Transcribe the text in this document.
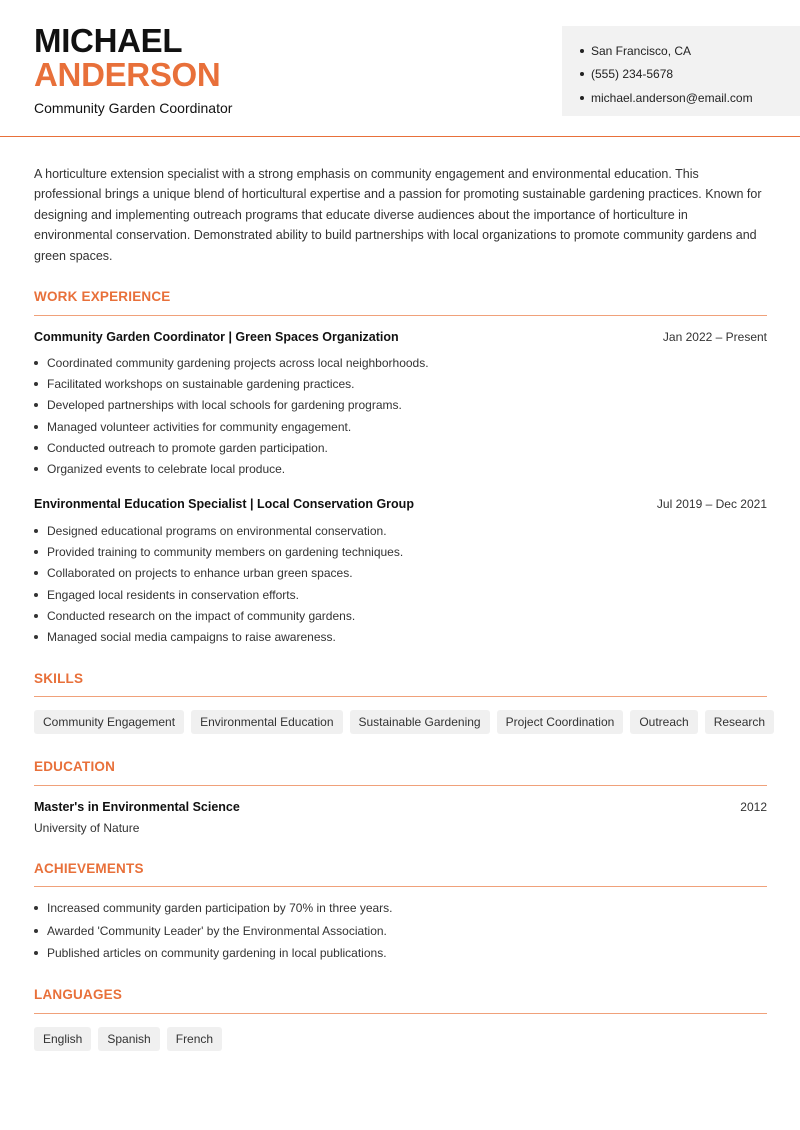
MICHAEL
ANDERSON
Community Garden Coordinator
San Francisco, CA
(555) 234-5678
michael.anderson@email.com
A horticulture extension specialist with a strong emphasis on community engagement and environmental education. This professional brings a unique blend of horticultural expertise and a passion for promoting sustainable gardening practices. Known for designing and implementing outreach programs that educate diverse audiences about the importance of horticulture in environmental conservation. Demonstrated ability to build partnerships with local organizations to promote community gardens and green spaces.
WORK EXPERIENCE
Community Garden Coordinator | Green Spaces Organization	Jan 2022 – Present
Coordinated community gardening projects across local neighborhoods.
Facilitated workshops on sustainable gardening practices.
Developed partnerships with local schools for gardening programs.
Managed volunteer activities for community engagement.
Conducted outreach to promote garden participation.
Organized events to celebrate local produce.
Environmental Education Specialist | Local Conservation Group	Jul 2019 – Dec 2021
Designed educational programs on environmental conservation.
Provided training to community members on gardening techniques.
Collaborated on projects to enhance urban green spaces.
Engaged local residents in conservation efforts.
Conducted research on the impact of community gardens.
Managed social media campaigns to raise awareness.
SKILLS
Community Engagement	Environmental Education	Sustainable Gardening	Project Coordination	Outreach	Research
EDUCATION
Master's in Environmental Science	2012
University of Nature
ACHIEVEMENTS
Increased community garden participation by 70% in three years.
Awarded 'Community Leader' by the Environmental Association.
Published articles on community gardening in local publications.
LANGUAGES
English	Spanish	French
